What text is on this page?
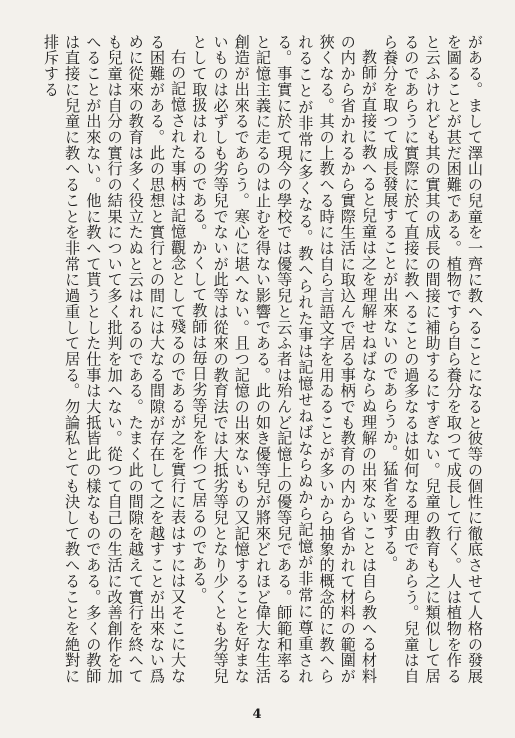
がある。まして澤山の兒童を一齊に教へることになると彼等の個性に徹底させて人格の發展を圖ることが甚だ困難である。植物ですら自ら養分を取つて成長して行く。人は植物を作ると云ふけれども其の實其の成長の間接に補助するにすぎない。兒童の教育も之に類似して居るのであらうに實際に於て直接に教へることの過多なるは如何なる理由であらう。兒童は自ら養分を取つて成長發展することが出來ないのであらうか。猛省を要する。

教師が直接に教へると兒童は之を理解せねばならぬ理解の出來ないことは自ら教へる材料の内から省かれるから實際生活に取込んで居る事柄でも教育の内から省かれて材料の範圍が狹くなる。其の上教へる時には自ら言語文字を用ゐることが多いから抽象的概念的に教へられることが非常に多くなる。教へられた事は記憶せねばならぬから記憶が非常に尊重される。事實に於て現今の學校では優等兒と云ふ者は殆んど記憶上の優等兒である。師範和率ると記憶主義に走るのは止むを得ない影響である。此の如き優等兒が將來どれほど偉大な生活創造が出來るであらう。寒心に堪へない。且つ記憶の出來ないもの又記憶することを好まないものは必ずしも劣等兒でないが此等は從來の教育法では大抵劣等兒となり少くとも劣等兒として取扱はれるのである。かくして教師は毎日劣等兒を作つて居るのである。

右の記憶された事柄は記憶觀念として殘るのであるが之を實行に表はすには又そこに大なる困難がある。此の思想と實行との間には大なる間隙が存在して之を越すことが出來ない爲めに從來の教育は多く役立たぬと云はれるのである。たまく此の間隙を越えて實行を終へても兒童は自分の實行の結果について多く批判を加へない。從つて自己の生活に改善創作を加へることが出來ない。他に教へて貰うとした仕事は大抵皆此の樣なものである。多くの教師は直接に兒童に教へることを非常に過重して居る。勿論私とても決して教へることを絶對に排斥する

4
